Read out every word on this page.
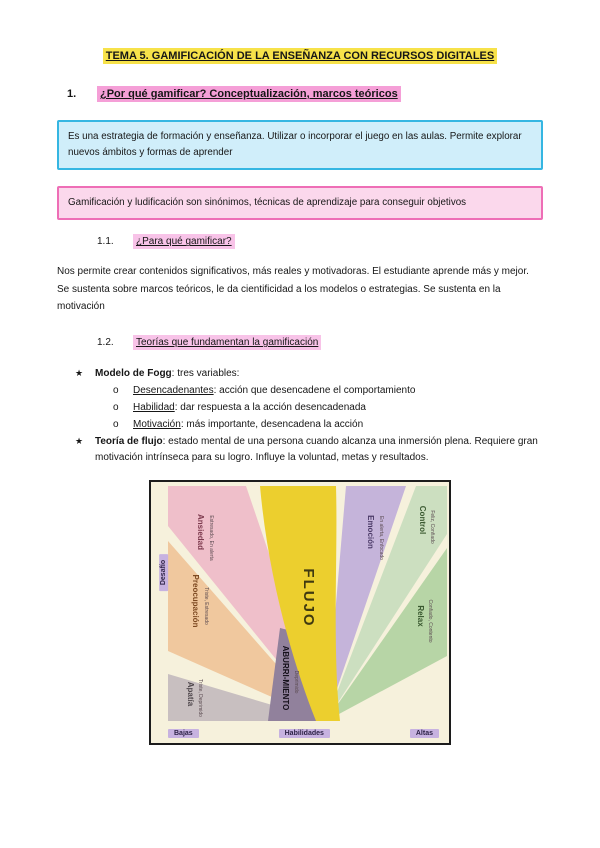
TEMA 5. GAMIFICACIÓN DE LA ENSEÑANZA CON RECURSOS DIGITALES
1.	¿Por qué gamificar? Conceptualización, marcos teóricos
Es una estrategia de formación y enseñanza. Utilizar o incorporar el juego en las aulas. Permite explorar nuevos ámbitos y formas de aprender
Gamificación y ludificación son sinónimos, técnicas de aprendizaje para conseguir objetivos
1.1.	¿Para qué gamificar?
Nos permite crear contenidos significativos, más reales y motivadoras. El estudiante aprende más y mejor. Se sustenta sobre marcos teóricos, le da cientificidad a los modelos o estrategias. Se sustenta en la motivación
1.2.	Teorías que fundamentan la gamificación
★	Modelo de Fogg: tres variables:
o	Desencadenantes: acción que desencadene el comportamiento
o	Habilidad: dar respuesta a la acción desencadenada
o	Motivación: más importante, desencadena la acción
★	Teoría de flujo: estado mental de una persona cuando alcanza una inmersión plena. Requiere gran motivación intrínseca para su logro. Influye la voluntad, metas y resultados.
Desafío
Ansiedad Estresado, En alerta
Preocupación Triste, Estresado
Apatía Triste, Deprimido	ABURRI-MIENTO Deprimido
FLUJO
Emoción En alerta, Enfocado	Control Feliz, Confiado
Relax Confiado, Contento
Bajas	Habilidades	Altas
